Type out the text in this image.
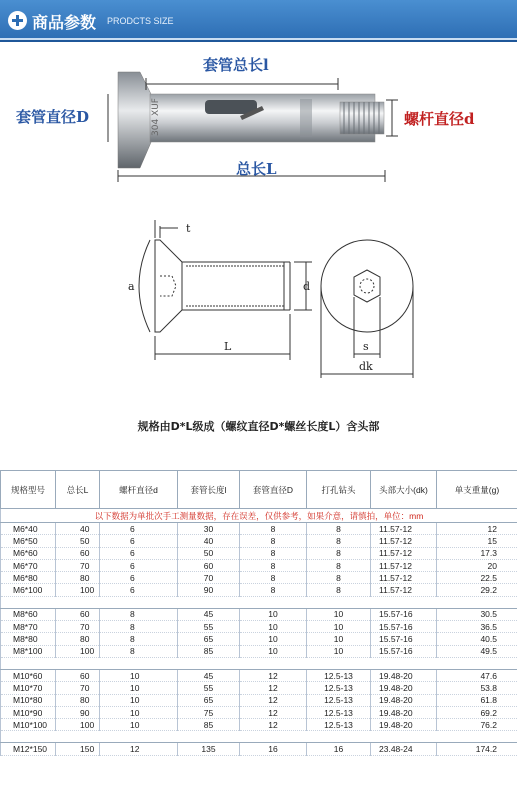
商品参数 PRODCTS SIZE
304 XUF
套管总长l
套管直径D	螺杆直径d
总长L
t
a	d
L	s
dk
规格由D*L级成（螺纹直径D*螺丝长度L）含头部
规格型号	总长L	螺杆直径d	套管长度l	套管直径D	打孔钻头	头部大小(dk)	单支重量(g)
以下数据为单批次手工测量数据，存在误差，仅供参考，如果介意，请慎拍，单位：mm							
M6*40	40	6	30	8	8	11.57-12	12
M6*50	50	6	40	8	8	11.57-12	15
M6*60	60	6	50	8	8	11.57-12	17.3
M6*70	70	6	60	8	8	11.57-12	20
M6*80	80	6	70	8	8	11.57-12	22.5
M6*100	100	6	90	8	8	11.57-12	29.2

M8*60	60	8	45	10	10	15.57-16	30.5
M8*70	70	8	55	10	10	15.57-16	36.5
M8*80	80	8	65	10	10	15.57-16	40.5
M8*100	100	8	85	10	10	15.57-16	49.5

M10*60	60	10	45	12	12.5-13	19.48-20	47.6
M10*70	70	10	55	12	12.5-13	19.48-20	53.8
M10*80	80	10	65	12	12.5-13	19.48-20	61.8
M10*90	90	10	75	12	12.5-13	19.48-20	69.2
M10*100	100	10	85	12	12.5-13	19.48-20	76.2

M12*150	150	12	135	16	16	23.48-24	174.2
